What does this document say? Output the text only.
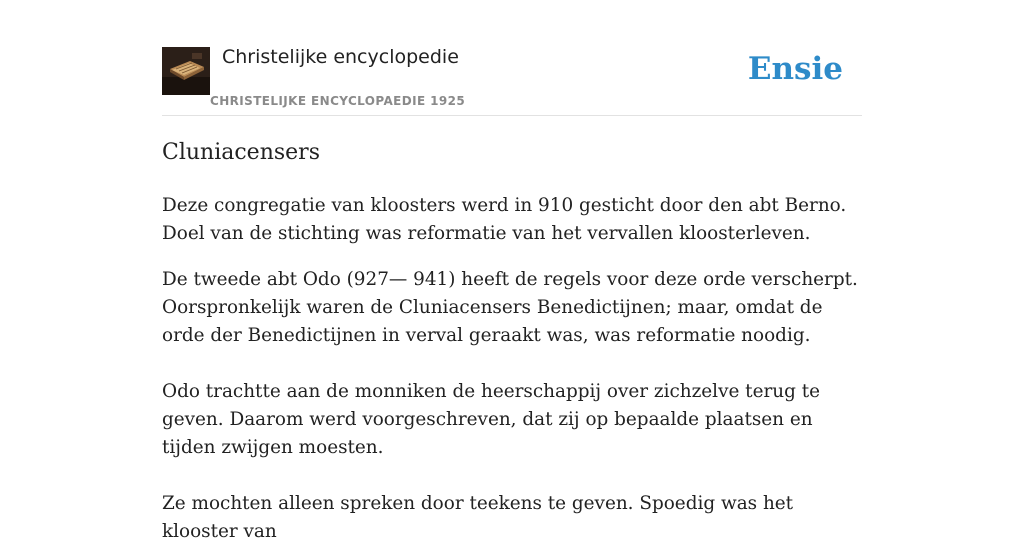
Christelijke encyclopedie
CHRISTELIJKE ENCYCLOPAEDIE 1925
Ensie
Cluniacensers

Deze congregatie van kloosters werd in 910 gesticht door den abt Berno. Doel van de stichting was reformatie van het vervallen kloosterleven.

De tweede abt Odo (927— 941) heeft de regels voor deze orde verscherpt. Oorspronkelijk waren de Cluniacensers Benedictijnen; maar, omdat de orde der Benedictijnen in verval geraakt was, was reformatie noodig.

Odo trachtte aan de monniken de heerschappij over zichzelve terug te geven. Daarom werd voorgeschreven, dat zij op bepaalde plaatsen en tijden zwijgen moesten.

Ze mochten alleen spreken door teekens te geven. Spoedig was het klooster van
